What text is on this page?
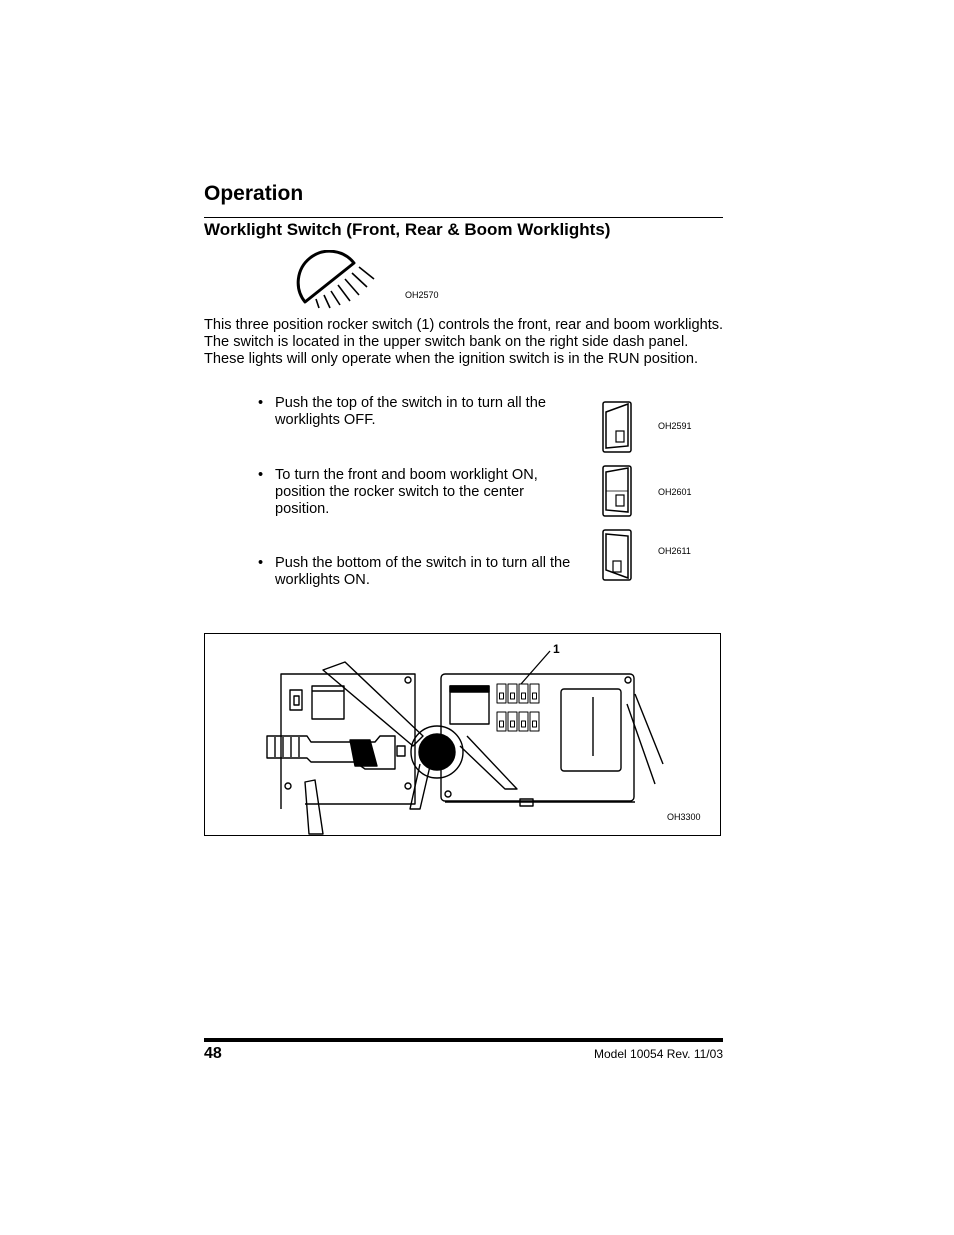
Operation
Worklight Switch (Front, Rear & Boom Worklights)
OH2570
This three position rocker switch (1) controls the front, rear and boom worklights. The switch is located in the upper switch bank on the right side dash panel. These lights will only operate when the ignition switch is in the RUN position.
• Push the top of the switch in to turn all the
worklights OFF.	OH2591
• To turn the front and boom worklight ON,
position the rocker switch to the center
position.
OH2601
• Push the bottom of the switch in to turn all the
worklights ON.
OH2611
1
OH3300
48	Model 10054 Rev. 11/03
